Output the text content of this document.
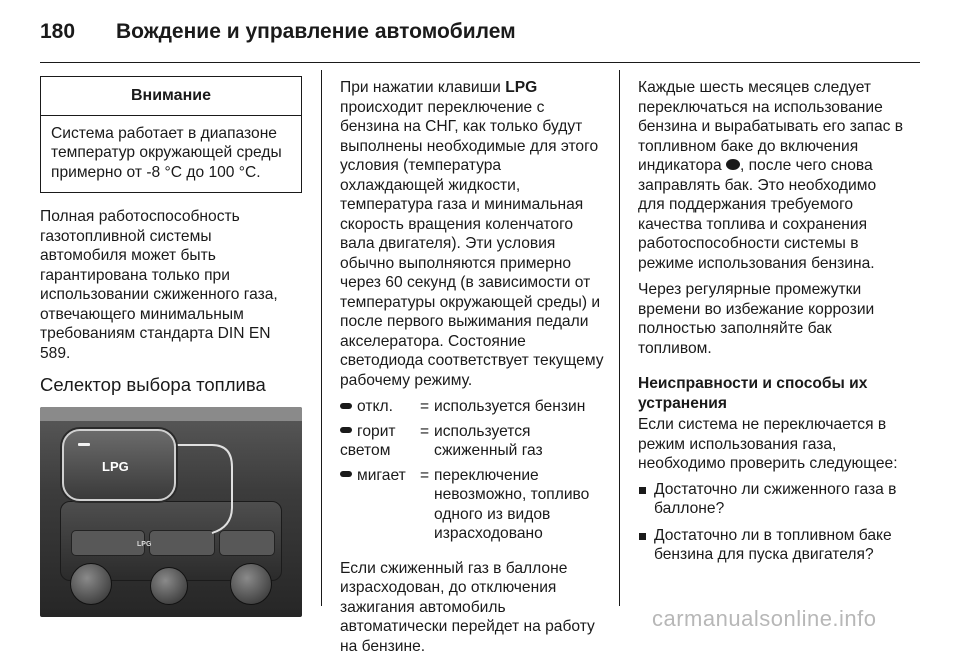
180 Вождение и управление автомобилем
Внимание
Система работает в диапазоне температур окружающей среды примерно от -8 °С до 100 °С.

Полная работоспособность газотопливной системы автомобиля может быть гарантирована только при использовании сжиженного газа, отвечающего минимальным требованиям стандарта DIN EN 589.

Селектор выбора топлива
LPG
LPG

При нажатии клавиши LPG происходит переключение с бензина на СНГ, как только будут выполнены необходимые для этого условия (температура охлаждающей жидкости, температура газа и минимальная скорость вращения коленчатого вала двигателя). Эти условия обычно выполняются примерно через 60 секунд (в зависимости от температуры окружающей среды) и после первого выжимания педали акселератора. Состояние светодиода соответствует текущему рабочему режиму.

откл.	=	используется бензин
горит светом	=	используется сжиженный газ
мигает	=	переключение невозможно, топливо одного из видов израсходовано

Если сжиженный газ в баллоне израсходован, до отключения зажигания автомобиль автоматически перейдет на работу на бензине.

Каждые шесть месяцев следует переключаться на использование бензина и вырабатывать его запас в топливном баке до включения индикатора , после чего снова заправлять бак. Это необходимо для поддержания требуемого качества топлива и сохранения работоспособности системы в режиме использования бензина.

Через регулярные промежутки времени во избежание коррозии полностью заполняйте бак топливом.

Неисправности и способы их устранения

Если система не переключается в режим использования газа, необходимо проверить следующее:

Достаточно ли сжиженного газа в баллоне?
Достаточно ли в топливном баке бензина для пуска двигателя?
carmanualsonline.info
